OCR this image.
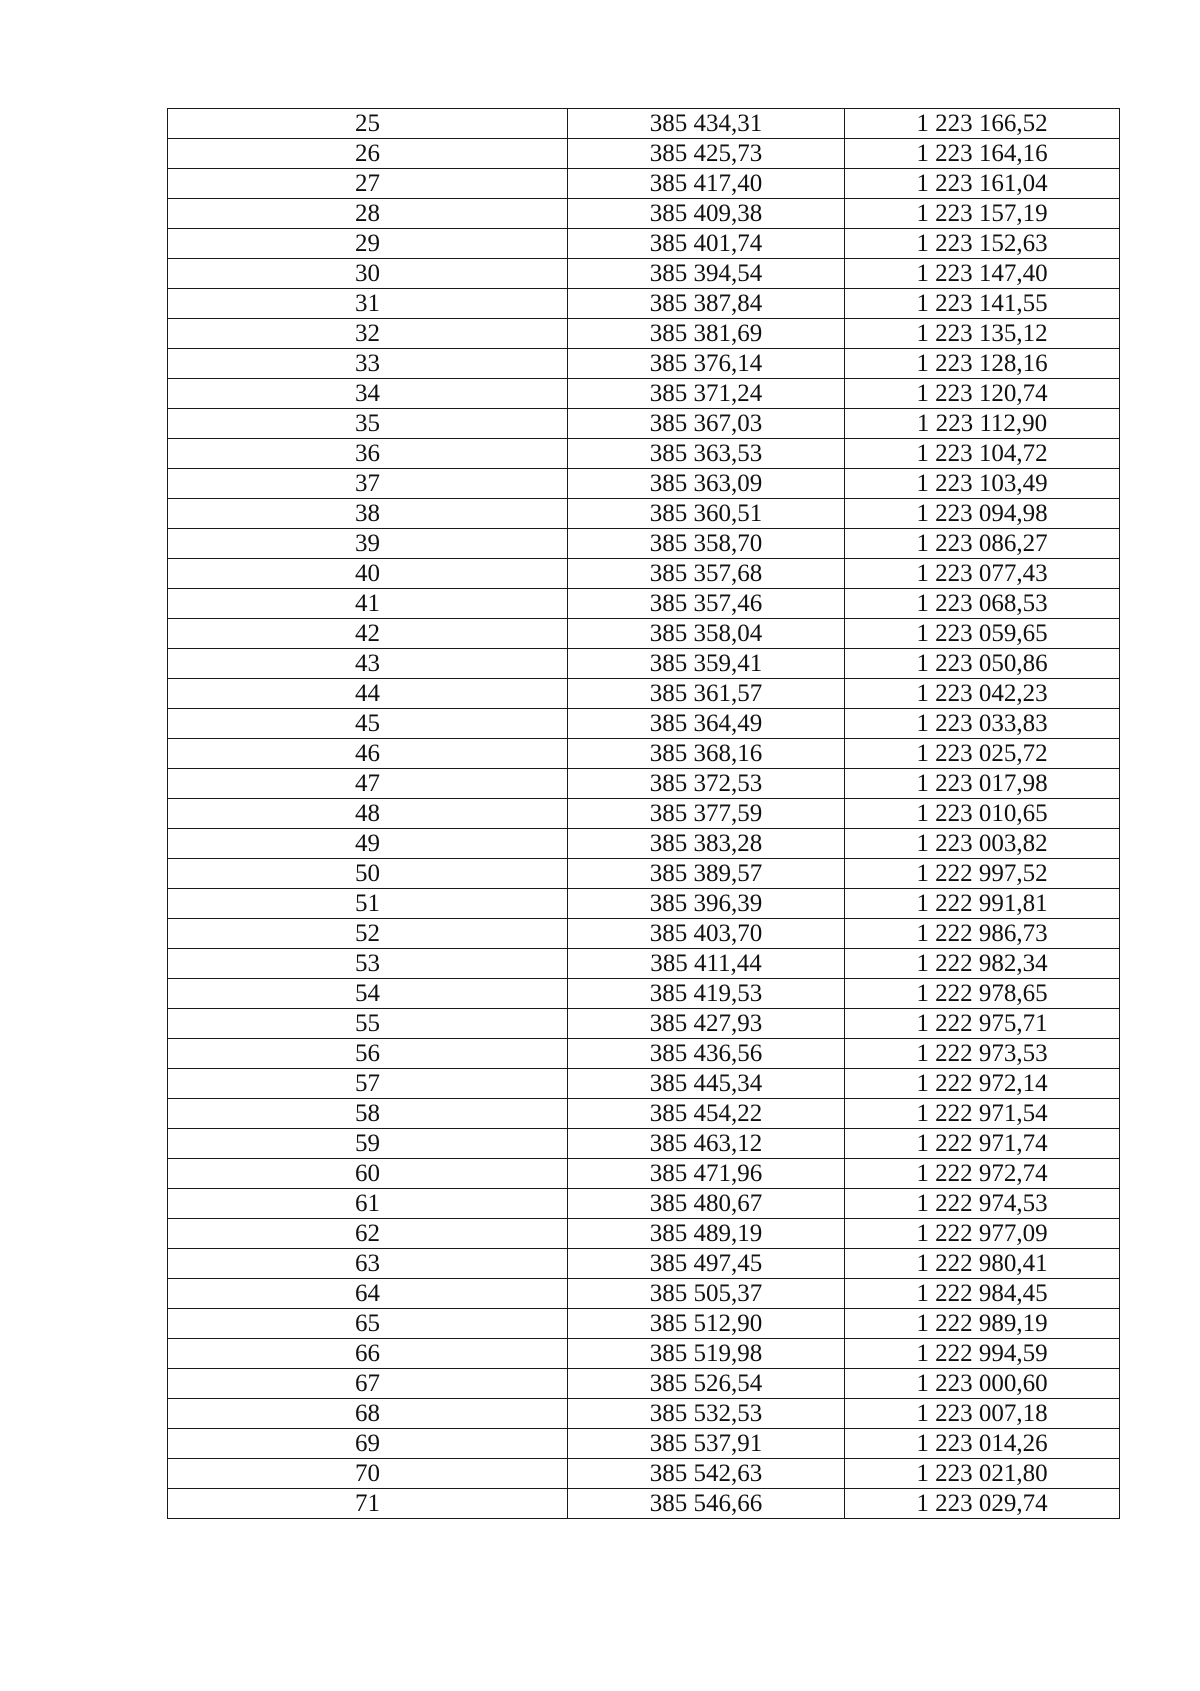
25	385 434,31	1 223 166,52
26	385 425,73	1 223 164,16
27	385 417,40	1 223 161,04
28	385 409,38	1 223 157,19
29	385 401,74	1 223 152,63
30	385 394,54	1 223 147,40
31	385 387,84	1 223 141,55
32	385 381,69	1 223 135,12
33	385 376,14	1 223 128,16
34	385 371,24	1 223 120,74
35	385 367,03	1 223 112,90
36	385 363,53	1 223 104,72
37	385 363,09	1 223 103,49
38	385 360,51	1 223 094,98
39	385 358,70	1 223 086,27
40	385 357,68	1 223 077,43
41	385 357,46	1 223 068,53
42	385 358,04	1 223 059,65
43	385 359,41	1 223 050,86
44	385 361,57	1 223 042,23
45	385 364,49	1 223 033,83
46	385 368,16	1 223 025,72
47	385 372,53	1 223 017,98
48	385 377,59	1 223 010,65
49	385 383,28	1 223 003,82
50	385 389,57	1 222 997,52
51	385 396,39	1 222 991,81
52	385 403,70	1 222 986,73
53	385 411,44	1 222 982,34
54	385 419,53	1 222 978,65
55	385 427,93	1 222 975,71
56	385 436,56	1 222 973,53
57	385 445,34	1 222 972,14
58	385 454,22	1 222 971,54
59	385 463,12	1 222 971,74
60	385 471,96	1 222 972,74
61	385 480,67	1 222 974,53
62	385 489,19	1 222 977,09
63	385 497,45	1 222 980,41
64	385 505,37	1 222 984,45
65	385 512,90	1 222 989,19
66	385 519,98	1 222 994,59
67	385 526,54	1 223 000,60
68	385 532,53	1 223 007,18
69	385 537,91	1 223 014,26
70	385 542,63	1 223 021,80
71	385 546,66	1 223 029,74
